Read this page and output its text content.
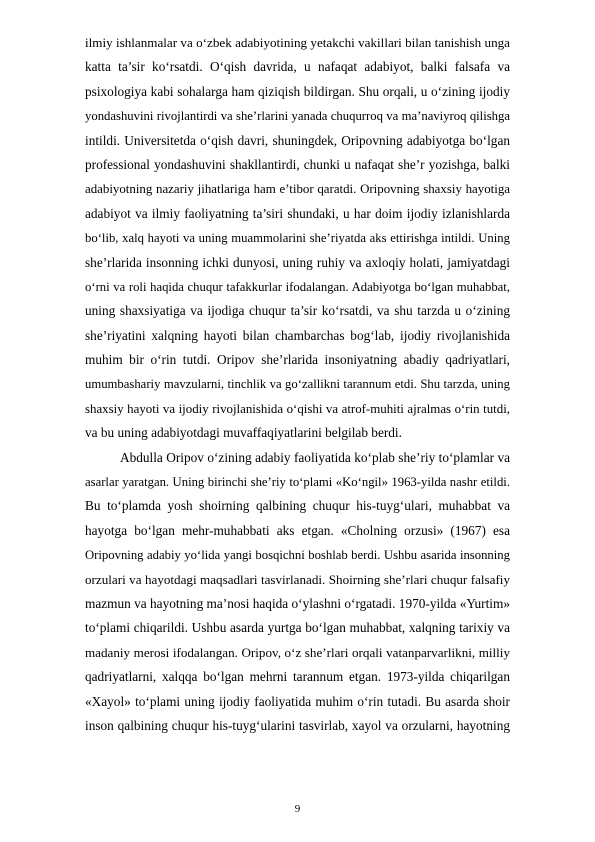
ilmiy ishlanmalar va o‘zbek adabiyotining yetakchi vakillari bilan tanishish unga
katta ta’sir ko‘rsatdi. O‘qish davrida, u nafaqat adabiyot, balki falsafa va
psixologiya kabi sohalarga ham qiziqish bildirgan. Shu orqali, u o‘zining ijodiy
yondashuvini rivojlantirdi va she’rlarini yanada chuqurroq va ma’naviyroq qilishga
intildi. Universitetda o‘qish davri, shuningdek, Oripovning adabiyotga bo‘lgan
professional yondashuvini shakllantirdi, chunki u nafaqat she’r yozishga, balki
adabiyotning nazariy jihatlariga ham e’tibor qaratdi. Oripovning shaxsiy hayotiga
adabiyot va ilmiy faoliyatning ta’siri shundaki, u har doim ijodiy izlanishlarda
bo‘lib, xalq hayoti va uning muammolarini she’riyatda aks ettirishga intildi. Uning
she’rlarida insonning ichki dunyosi, uning ruhiy va axloqiy holati, jamiyatdagi
o‘rni va roli haqida chuqur tafakkurlar ifodalangan. Adabiyotga bo‘lgan muhabbat,
uning shaxsiyatiga va ijodiga chuqur ta’sir ko‘rsatdi, va shu tarzda u o‘zining
she’riyatini xalqning hayoti bilan chambarchas bog‘lab, ijodiy rivojlanishida
muhim bir o‘rin tutdi. Oripov she’rlarida insoniyatning abadiy qadriyatlari,
umumbashariy mavzularni, tinchlik va go‘zallikni tarannum etdi. Shu tarzda, uning
shaxsiy hayoti va ijodiy rivojlanishida o‘qishi va atrof-muhiti ajralmas o‘rin tutdi,
va bu uning adabiyotdagi muvaffaqiyatlarini belgilab berdi.
Abdulla Oripov o‘zining adabiy faoliyatida ko‘plab she’riy to‘plamlar va
asarlar yaratgan. Uning birinchi she’riy to‘plami «Ko‘ngil» 1963-yilda nashr etildi.
Bu to‘plamda yosh shoirning qalbining chuqur his-tuyg‘ulari, muhabbat va
hayotga bo‘lgan mehr-muhabbati aks etgan. «Cholning orzusi» (1967) esa
Oripovning adabiy yo‘lida yangi bosqichni boshlab berdi. Ushbu asarida insonning
orzulari va hayotdagi maqsadlari tasvirlanadi. Shoirning she’rlari chuqur falsafiy
mazmun va hayotning ma’nosi haqida o‘ylashni o‘rgatadi. 1970-yilda «Yurtim»
to‘plami chiqarildi. Ushbu asarda yurtga bo‘lgan muhabbat, xalqning tarixiy va
madaniy merosi ifodalangan. Oripov, o‘z she’rlari orqali vatanparvarlikni, milliy
qadriyatlarni, xalqqa bo‘lgan mehrni tarannum etgan. 1973-yilda chiqarilgan
«Xayol» to‘plami uning ijodiy faoliyatida muhim o‘rin tutadi. Bu asarda shoir
inson qalbining chuqur his-tuyg‘ularini tasvirlab, xayol va orzularni, hayotning
9
